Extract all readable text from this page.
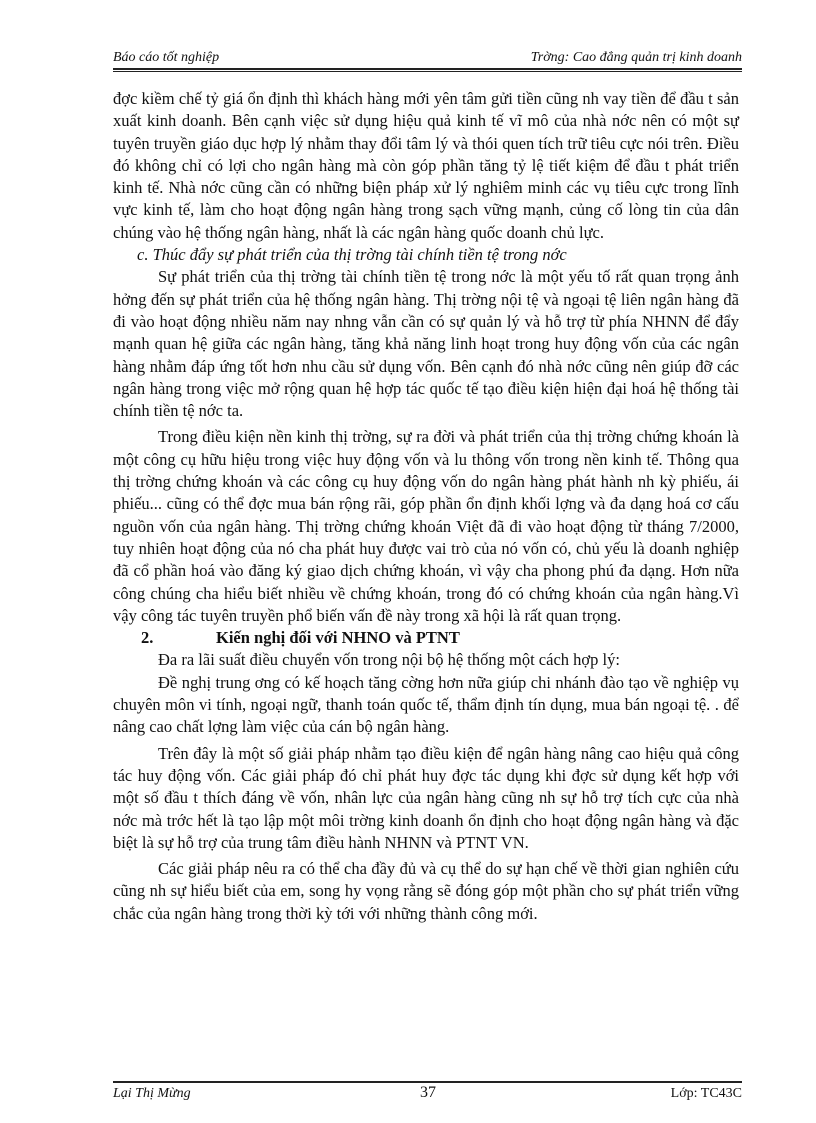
Báo cáo tốt nghiệp	Trờng: Cao đẳng quản trị kinh doanh

đợc kiềm chế tỷ giá ổn định thì khách hàng mới yên tâm gửi tiền cũng nh vay tiền để đầu t sản xuất kinh doanh. Bên cạnh việc sử dụng hiệu quả kinh tế vĩ mô của nhà nớc nên có một sự tuyên truyền giáo dục hợp lý nhằm thay đổi tâm lý và thói quen tích trữ tiêu cực nói trên. Điều đó không chỉ có lợi cho ngân hàng mà còn góp phần tăng tỷ lệ tiết kiệm để đầu t phát triển kinh tế. Nhà nớc cũng cần có những biện pháp xử lý nghiêm minh các vụ tiêu cực trong lĩnh vực kinh tế, làm cho hoạt động ngân hàng trong sạch vững mạnh, củng cố lòng tin của dân chúng vào hệ thống ngân hàng, nhất là các ngân hàng quốc doanh chủ lực.

c. Thúc đẩy sự phát triển của thị trờng tài chính tiền tệ trong nớc

Sự phát triển của thị trờng tài chính tiền tệ trong nớc là một yếu tố rất quan trọng ảnh hởng đến sự phát triển của hệ thống ngân hàng. Thị trờng nội tệ và ngoại tệ liên ngân hàng đã đi vào hoạt động nhiều năm nay nhng vẫn cần có sự quản lý và hỗ trợ từ phía NHNN để đẩy mạnh quan hệ giữa các ngân hàng, tăng khả năng linh hoạt trong huy động vốn của các ngân hàng nhằm đáp ứng tốt hơn nhu cầu sử dụng vốn. Bên cạnh đó nhà nớc cũng nên giúp đỡ các ngân hàng trong việc mở rộng quan hệ hợp tác quốc tế tạo điều kiện hiện đại hoá hệ thống tài chính tiền tệ nớc ta.

Trong điều kiện nền kinh thị trờng, sự ra đời và phát triển của thị trờng chứng khoán là một công cụ hữu hiệu trong việc huy động vốn và lu thông vốn trong nền kinh tế. Thông qua thị trờng chứng khoán và các công cụ huy động vốn do ngân hàng phát hành nh kỳ phiếu, ái phiếu... cũng có thể đợc mua bán rộng rãi, góp phần ổn định khối lợng và đa dạng hoá cơ cấu nguồn vốn của ngân hàng. Thị trờng chứng khoán Việt đã đi vào hoạt động từ tháng 7/2000, tuy nhiên hoạt động của nó cha phát huy được vai trò của nó vốn có, chủ yếu là doanh nghiệp đã cổ phần hoá vào đăng ký giao dịch chứng khoán, vì vậy cha phong phú đa dạng. Hơn nữa công chúng cha hiểu biết nhiều về chứng khoán, trong đó có chứng khoán của ngân hàng.Vì vậy công tác tuyên truyền phổ biến vấn đề này trong xã hội là rất quan trọng.

2.	Kiến nghị đối với NHNO và PTNT

Đa ra lãi suất điều chuyển vốn trong nội bộ hệ thống một cách hợp lý:

Đề nghị trung ơng có kế hoạch tăng cờng hơn nữa giúp chi nhánh đào tạo về nghiệp vụ chuyên môn vi tính, ngoại ngữ, thanh toán quốc tế, thẩm định tín dụng, mua bán ngoại tệ. . để nâng cao chất lợng làm việc của cán bộ ngân hàng.

Trên đây là một số giải pháp nhằm tạo điều kiện để ngân hàng nâng cao hiệu quả công tác huy động vốn. Các giải pháp đó chỉ phát huy đợc tác dụng khi đợc sử dụng kết hợp với một số đầu t thích đáng về vốn, nhân lực của ngân hàng cũng nh sự hỗ trợ tích cực của nhà nớc mà trớc hết là tạo lập một môi trờng kinh doanh ổn định cho hoạt động ngân hàng và đặc biệt là sự hỗ trợ của trung tâm điều hành NHNN và PTNT VN.

Các giải pháp nêu ra có thể cha đầy đủ và cụ thể do sự hạn chế về thời gian nghiên cứu cũng nh sự hiểu biết của em, song hy vọng rằng sẽ đóng góp một phần cho sự phát triển vững chắc của ngân hàng trong thời kỳ tới với những thành công mới.

Lại Thị Mừng	37	Lớp: TC43C
